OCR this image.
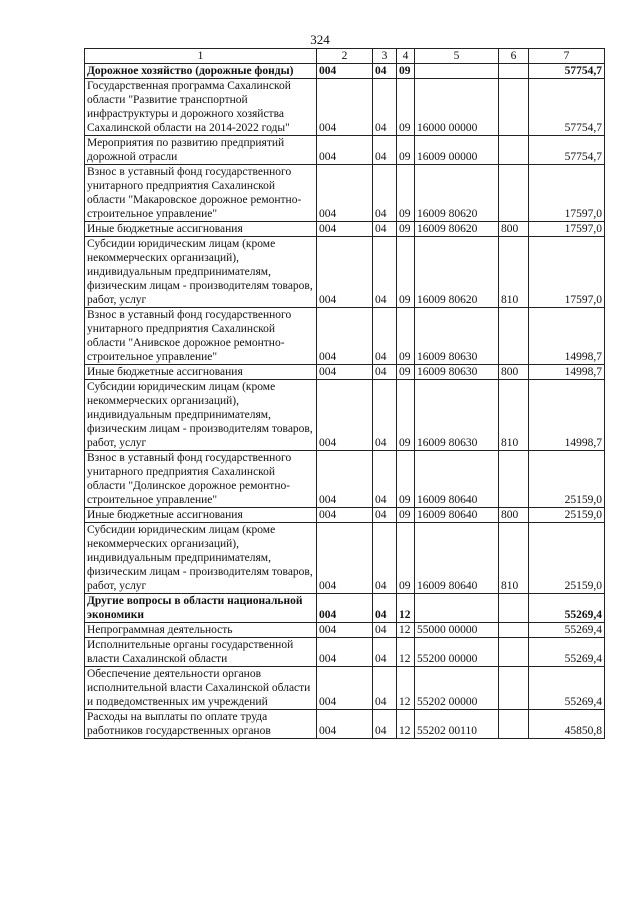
324
1	2	3	4	5	6	7
Дорожное хозяйство (дорожные фонды)	004	04	09			57754,7
Государственная программа Сахалинской области "Развитие транспортной инфраструктуры и дорожного хозяйства Сахалинской области на 2014-2022 годы"	004	04	09	16000 00000		57754,7
Мероприятия по развитию предприятий дорожной отрасли	004	04	09	16009 00000		57754,7
Взнос в уставный фонд государственного унитарного предприятия Сахалинской области "Макаровское дорожное ремонтно-строительное управление"	004	04	09	16009 80620		17597,0
Иные бюджетные ассигнования	004	04	09	16009 80620	800	17597,0
Субсидии юридическим лицам (кроме некоммерческих организаций), индивидуальным предпринимателям, физическим лицам - производителям товаров, работ, услуг	004	04	09	16009 80620	810	17597,0
Взнос в уставный фонд государственного унитарного предприятия Сахалинской области "Анивское дорожное ремонтно-строительное управление"	004	04	09	16009 80630		14998,7
Иные бюджетные ассигнования	004	04	09	16009 80630	800	14998,7
Субсидии юридическим лицам (кроме некоммерческих организаций), индивидуальным предпринимателям, физическим лицам - производителям товаров, работ, услуг	004	04	09	16009 80630	810	14998,7
Взнос в уставный фонд государственного унитарного предприятия Сахалинской области "Долинское дорожное ремонтно-строительное управление"	004	04	09	16009 80640		25159,0
Иные бюджетные ассигнования	004	04	09	16009 80640	800	25159,0
Субсидии юридическим лицам (кроме некоммерческих организаций), индивидуальным предпринимателям, физическим лицам - производителям товаров, работ, услуг	004	04	09	16009 80640	810	25159,0
Другие вопросы в области национальной экономики	004	04	12			55269,4
Непрограммная деятельность	004	04	12	55000 00000		55269,4
Исполнительные органы государственной власти Сахалинской области	004	04	12	55200 00000		55269,4
Обеспечение деятельности органов исполнительной власти Сахалинской области и подведомственных им учреждений	004	04	12	55202 00000		55269,4
Расходы на выплаты по оплате труда работников государственных органов	004	04	12	55202 00110		45850,8
